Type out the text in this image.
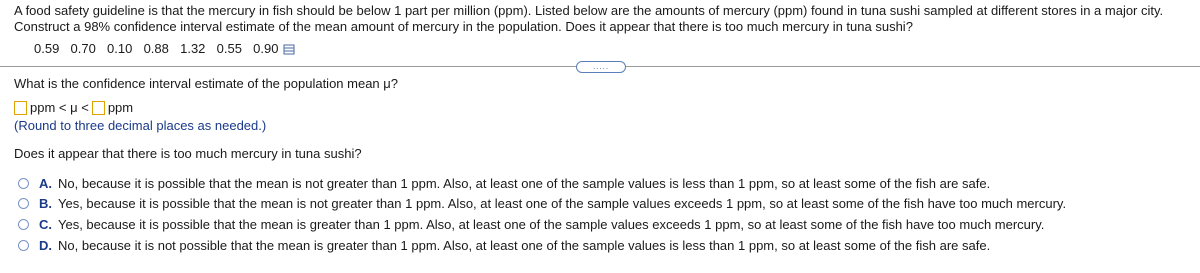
A food safety guideline is that the mercury in fish should be below 1 part per million (ppm). Listed below are the amounts of mercury (ppm) found in tuna sushi sampled at different stores in a major city. Construct a 98% confidence interval estimate of the mean amount of mercury in the population. Does it appear that there is too much mercury in tuna sushi?
0.59  0.70  0.10  0.88  1.32  0.55  0.90
.....
What is the confidence interval estimate of the population mean μ?
ppm < μ < ppm
(Round to three decimal places as needed.)
Does it appear that there is too much mercury in tuna sushi?
A. No, because it is possible that the mean is not greater than 1 ppm. Also, at least one of the sample values is less than 1 ppm, so at least some of the fish are safe.
B. Yes, because it is possible that the mean is not greater than 1 ppm. Also, at least one of the sample values exceeds 1 ppm, so at least some of the fish have too much mercury.
C. Yes, because it is possible that the mean is greater than 1 ppm. Also, at least one of the sample values exceeds 1 ppm, so at least some of the fish have too much mercury.
D. No, because it is not possible that the mean is greater than 1 ppm. Also, at least one of the sample values is less than 1 ppm, so at least some of the fish are safe.
